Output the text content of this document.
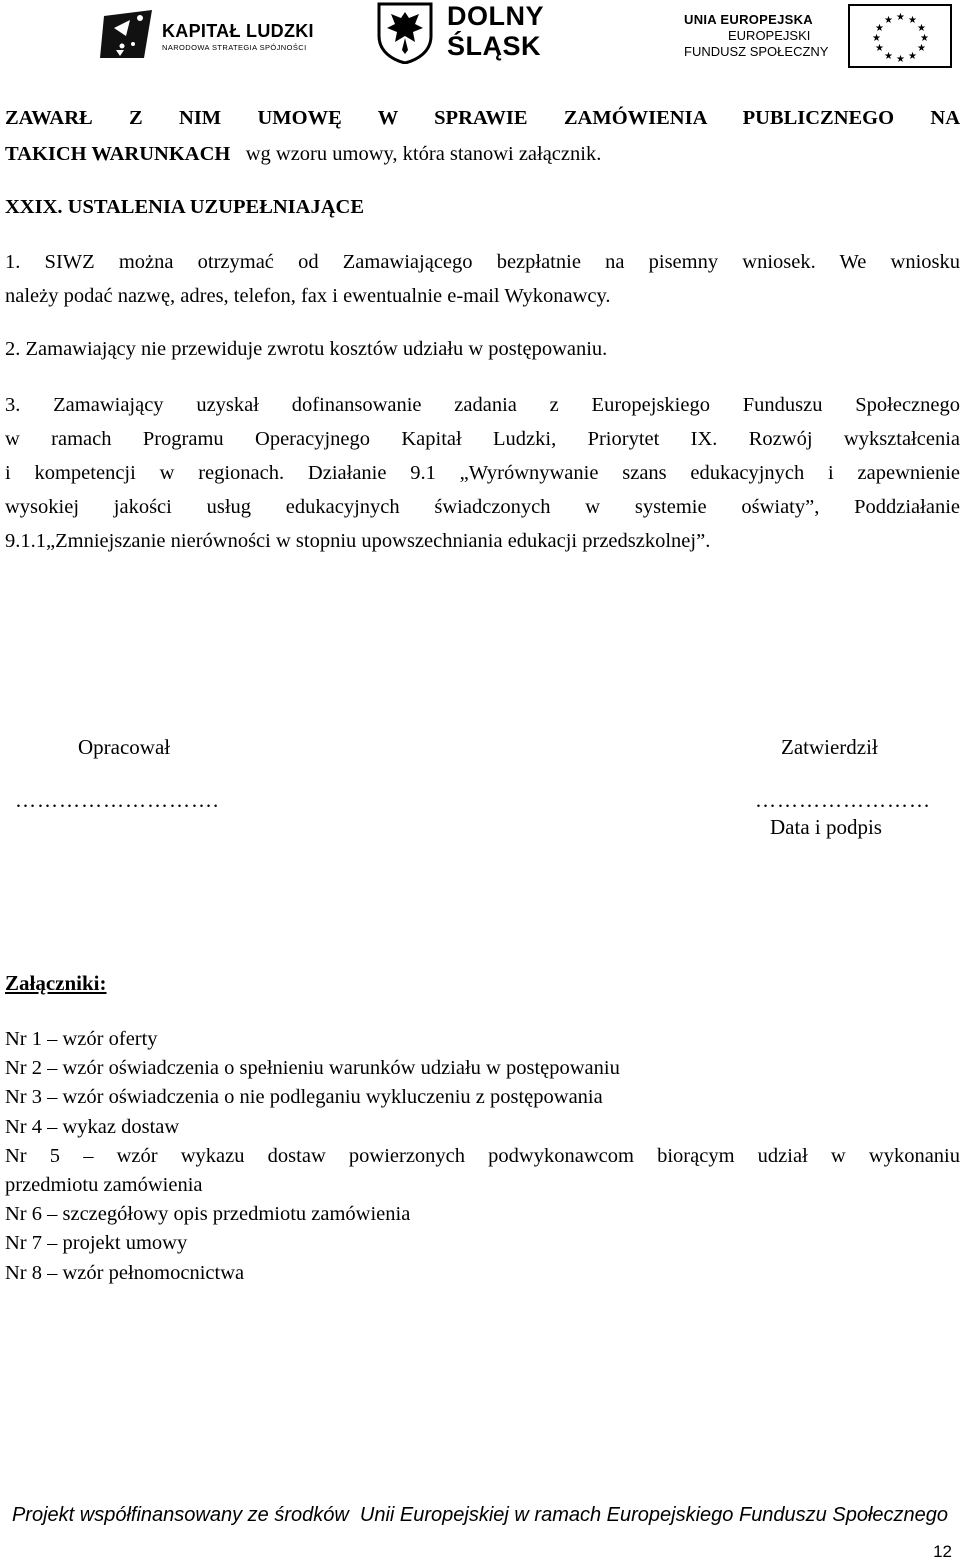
KAPITAŁ LUDZKI
NARODOWA STRATEGIA SPÓJNOŚCI
DOLNY
ŚLĄSK
UNIA EUROPEJSKA
EUROPEJSKI
FUNDUSZ SPOŁECZNY
★ ★
★
★
★
★
★
★
★
★
★
★
ZAWARŁ Z NIM UMOWĘ W SPRAWIE ZAMÓWIENIA PUBLICZNEGO NA
TAKICH WARUNKACH   wg wzoru umowy, która stanowi załącznik.
XXIX. USTALENIA UZUPEŁNIAJĄCE
1. SIWZ można otrzymać od Zamawiającego bezpłatnie na pisemny wniosek. We wniosku
należy podać nazwę, adres, telefon, fax i ewentualnie e-mail Wykonawcy.
2. Zamawiający nie przewiduje zwrotu kosztów udziału w postępowaniu.
3. Zamawiający uzyskał dofinansowanie zadania z Europejskiego Funduszu Społecznego
w ramach Programu Operacyjnego Kapitał Ludzki, Priorytet IX. Rozwój wykształcenia
i kompetencji w regionach. Działanie 9.1 „Wyrównywanie szans edukacyjnych i zapewnienie
wysokiej jakości usług edukacyjnych świadczonych w systemie oświaty”, Poddziałanie
9.1.1„Zmniejszanie nierówności w stopniu upowszechniania edukacji przedszkolnej”.
Opracował
……………………….
Zatwierdził
……………………
Data i podpis
Załączniki:
Nr 1 – wzór oferty
Nr 2 – wzór oświadczenia o spełnieniu warunków udziału w postępowaniu
Nr 3 – wzór oświadczenia o nie podleganiu wykluczeniu z postępowania
Nr 4 – wykaz dostaw
Nr 5 – wzór wykazu dostaw powierzonych podwykonawcom biorącym udział w wykonaniu
przedmiotu zamówienia
Nr 6 – szczegółowy opis przedmiotu zamówienia
Nr 7 – projekt umowy
Nr 8 – wzór pełnomocnictwa
Projekt współfinansowany ze środków  Unii Europejskiej w ramach Europejskiego Funduszu Społecznego
12
